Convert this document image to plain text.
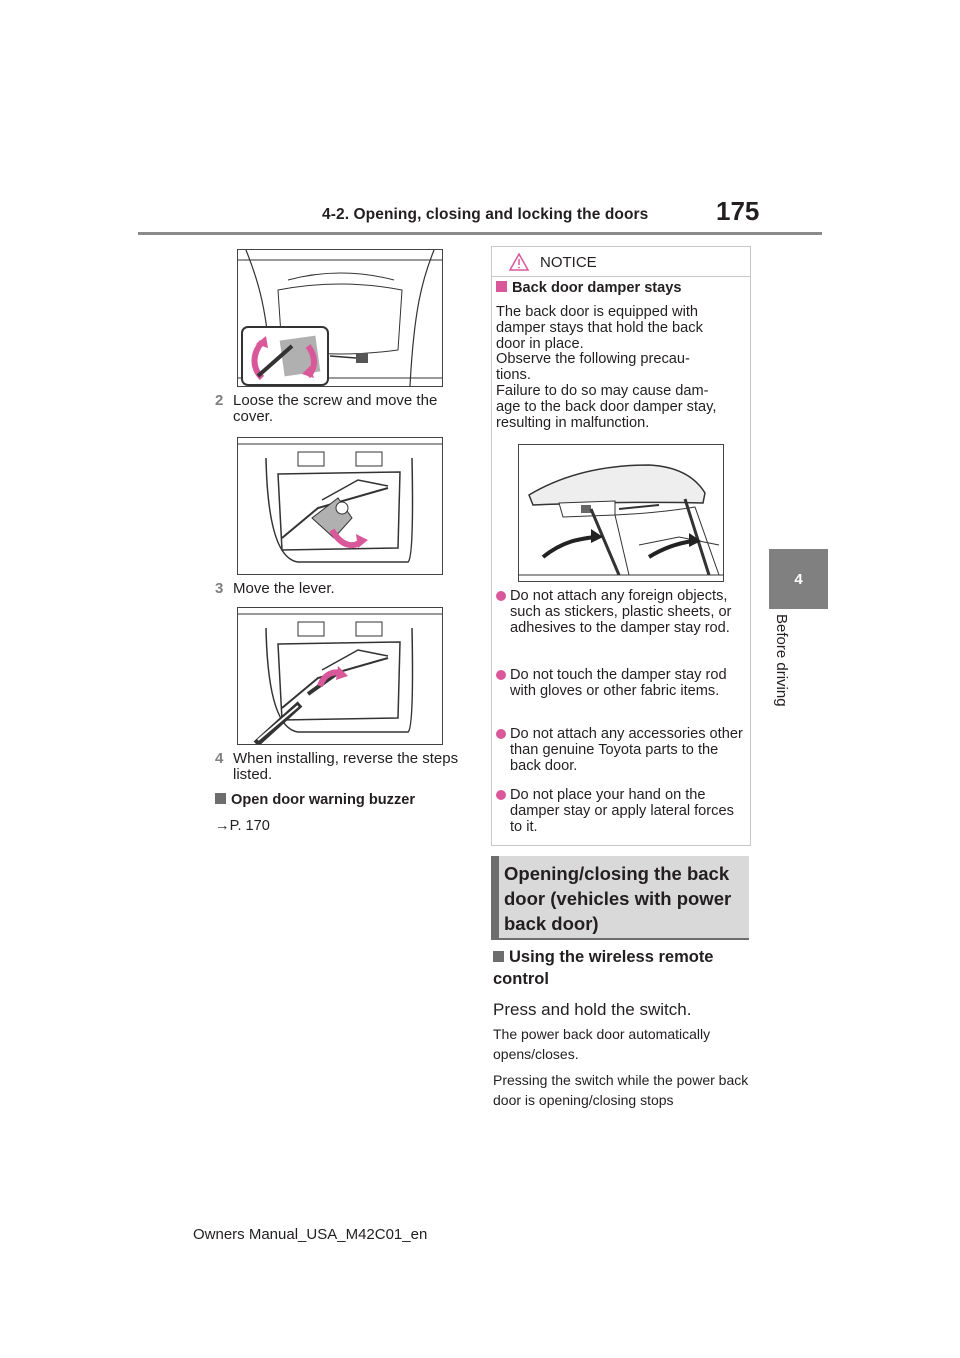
4-2. Opening, closing and locking the doors	175
4
Before driving
2 Loose the screw and move the cover.
3 Move the lever.
4 When installing, reverse the steps listed.
Open door warning buzzer
→P. 170
NOTICE
Back door damper stays
The back door is equipped with
damper stays that hold the back
door in place.
Observe the following precau-
tions.
Failure to do so may cause dam-
age to the back door damper stay,
resulting in malfunction.
Do not attach any foreign objects, such as stickers, plastic sheets, or adhesives to the damper stay rod.
Do not touch the damper stay rod with gloves or other fabric items.
Do not attach any accessories other than genuine Toyota parts to the back door.
Do not place your hand on the damper stay or apply lateral forces to it.
Opening/closing the back door (vehicles with power back door)
Using the wireless remote control
Press and hold the switch.
The power back door automatically opens/closes.
Pressing the switch while the power back door is opening/closing stops
Owners Manual_USA_M42C01_en
